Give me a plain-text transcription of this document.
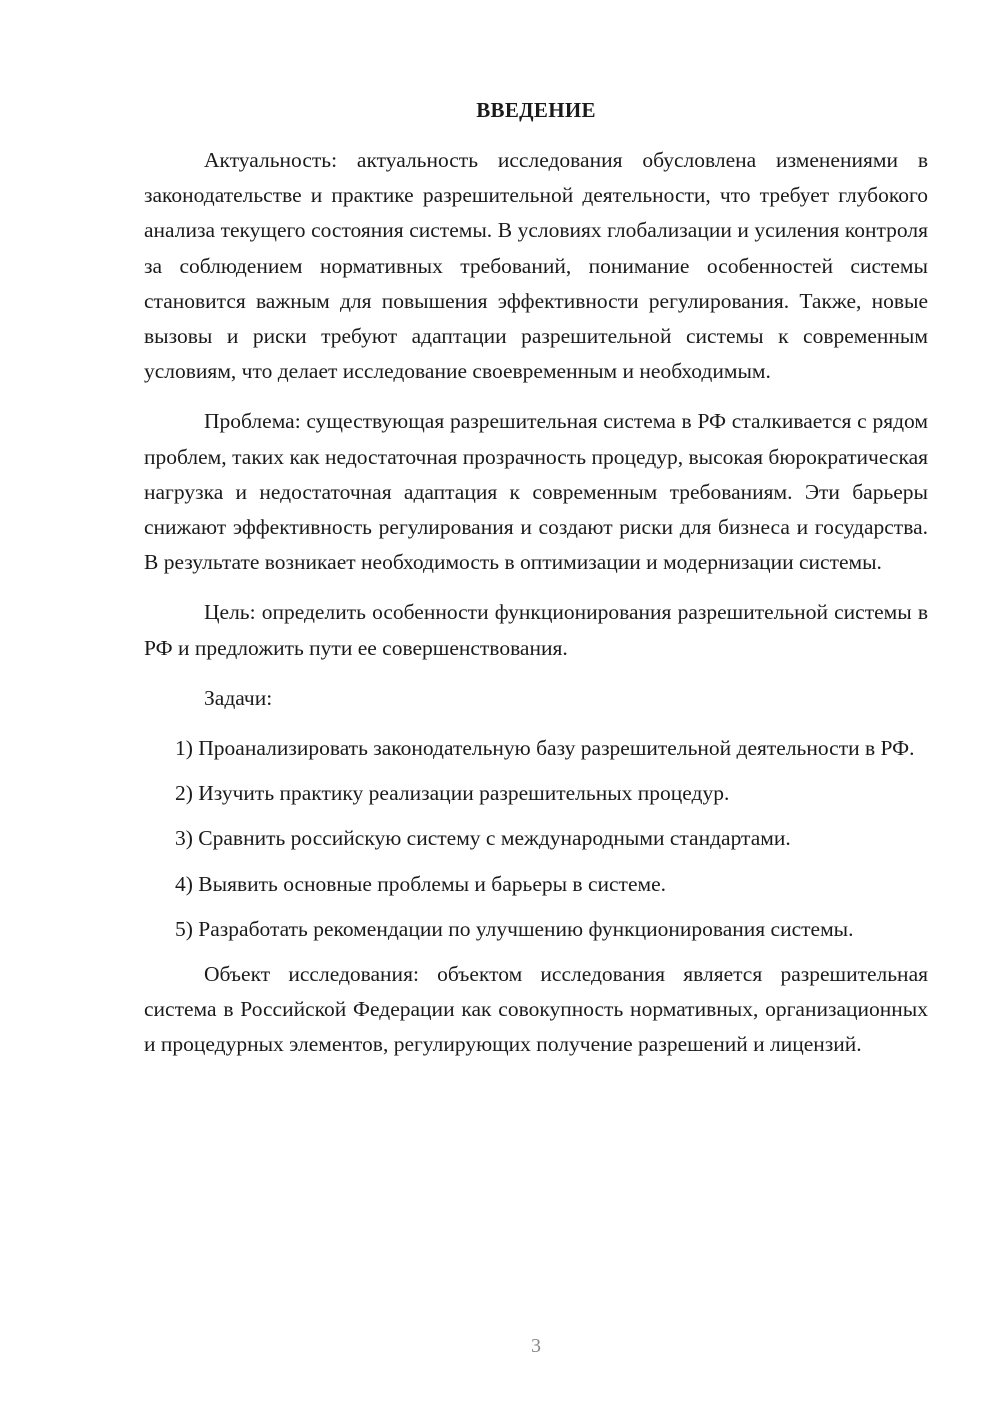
ВВЕДЕНИЕ

Актуальность: актуальность исследования обусловлена изменениями в законодательстве и практике разрешительной деятельности, что требует глубокого анализа текущего состояния системы. В условиях глобализации и усиления контроля за соблюдением нормативных требований, понимание особенностей системы становится важным для повышения эффективности регулирования. Также, новые вызовы и риски требуют адаптации разрешительной системы к современным условиям, что делает исследование своевременным и необходимым.

Проблема: существующая разрешительная система в РФ сталкивается с рядом проблем, таких как недостаточная прозрачность процедур, высокая бюрократическая нагрузка и недостаточная адаптация к современным требованиям. Эти барьеры снижают эффективность регулирования и создают риски для бизнеса и государства. В результате возникает необходимость в оптимизации и модернизации системы.

Цель: определить особенности функционирования разрешительной системы в РФ и предложить пути ее совершенствования.

Задачи:

1) Проанализировать законодательную базу разрешительной деятельности в РФ.

2) Изучить практику реализации разрешительных процедур.

3) Сравнить российскую систему с международными стандартами.

4) Выявить основные проблемы и барьеры в системе.

5) Разработать рекомендации по улучшению функционирования системы.

Объект исследования: объектом исследования является разрешительная система в Российской Федерации как совокупность нормативных, организационных и процедурных элементов, регулирующих получение разрешений и лицензий.

3
